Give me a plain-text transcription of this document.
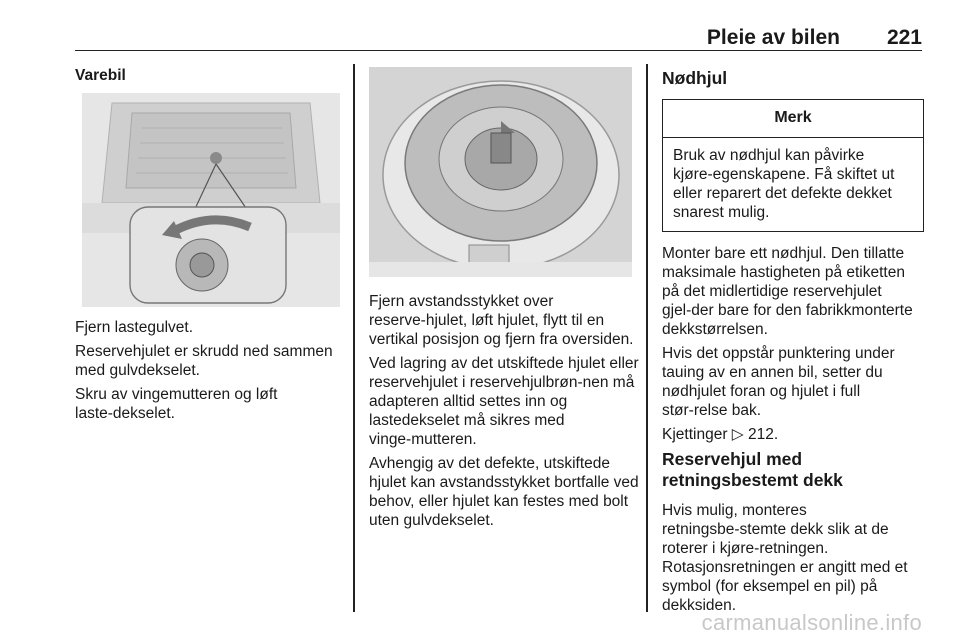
Pleie av bilen 221
Varebil

Fjern lastegulvet.

Reservehjulet er skrudd ned sammen med gulvdekselet.

Skru av vingemutteren og løft laste‑dekselet.

Fjern avstandsstykket over reserve‑hjulet, løft hjulet, flytt til en vertikal posisjon og fjern fra oversiden.

Ved lagring av det utskiftede hjulet eller reservehjulet i reservehjulbrøn‑nen må adapteren alltid settes inn og lastedekselet må sikres med vinge‑mutteren.

Avhengig av det defekte, utskiftede hjulet kan avstandsstykket bortfalle ved behov, eller hjulet kan festes med bolt uten gulvdekselet.

Nødhjul
Merk
Bruk av nødhjul kan påvirke kjøre‑egenskapene. Få skiftet ut eller reparert det defekte dekket snarest mulig.

Monter bare ett nødhjul. Den tillatte maksimale hastigheten på etiketten på det midlertidige reservehjulet gjel‑der bare for den fabrikkmonterte dekkstørrelsen.

Hvis det oppstår punktering under tauing av en annen bil, setter du nødhjulet foran og hjulet i full stør‑relse bak.

Kjettinger ▷ 212.

Reservehjul med retningsbestemt dekk

Hvis mulig, monteres retningsbe‑stemte dekk slik at de roterer i kjøre‑retningen. Rotasjonsretningen er angitt med et symbol (for eksempel en pil) på dekksiden.

carmanualsonline.info
